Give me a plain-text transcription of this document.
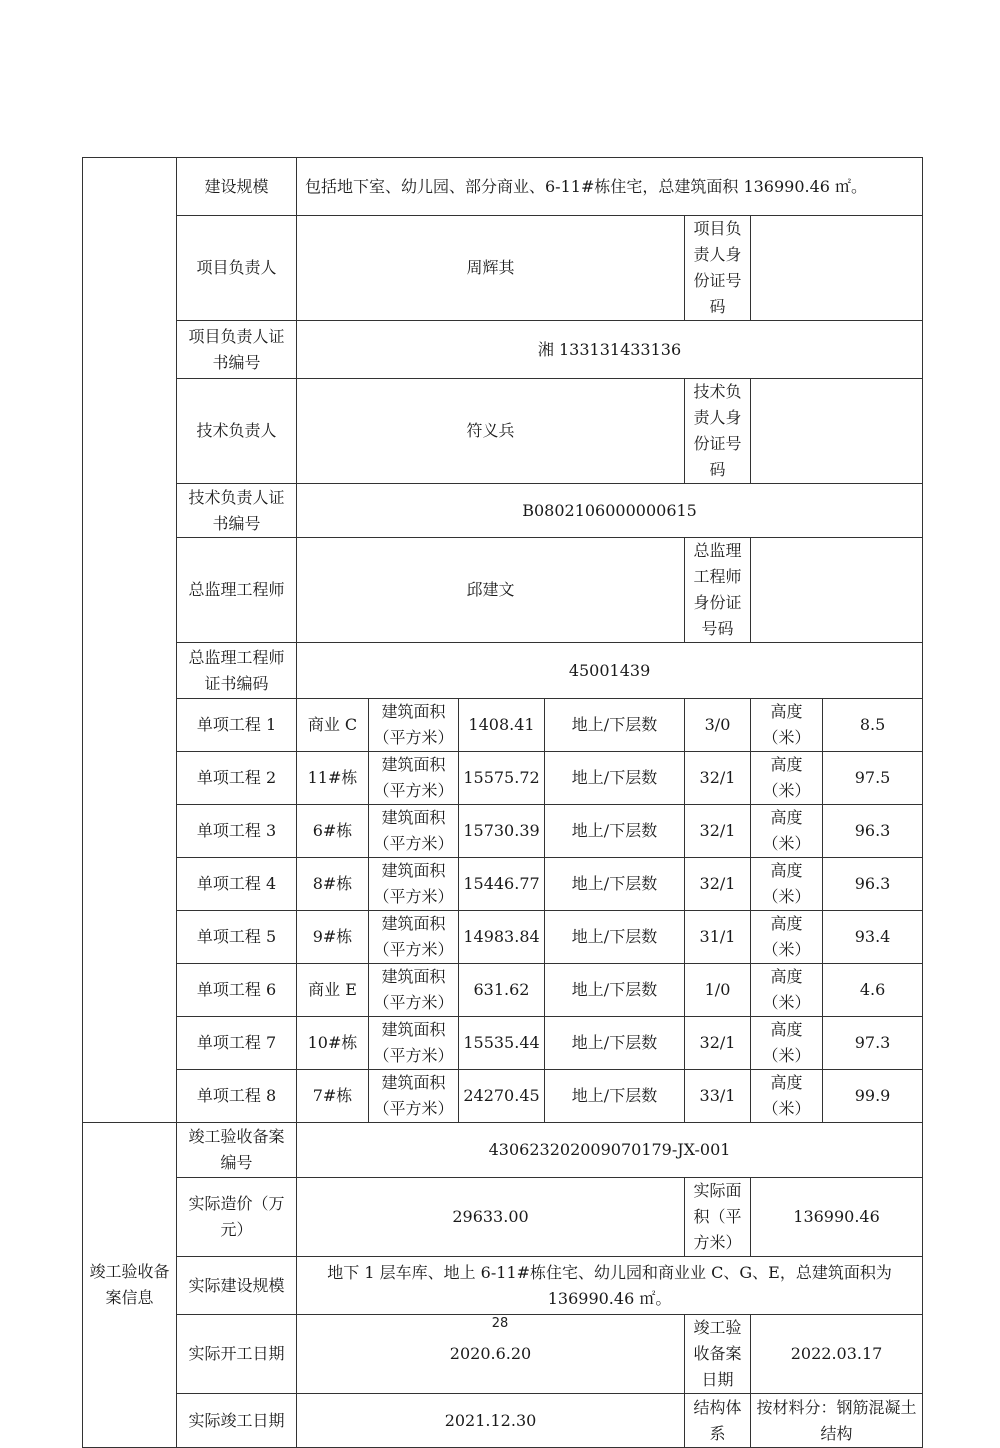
	建设规模	包括地下室、幼儿园、部分商业、6-11#栋住宅，总建筑面积 136990.46 ㎡。						
	项目负责人	周辉其				项目负责人身份证号码		
	项目负责人证书编号	湘 133131433136						
	技术负责人	符义兵				技术负责人身份证号码		
	技术负责人证书编号	B0802106000000615						
	总监理工程师	邱建文				总监理工程师身份证号码		
	总监理工程师证书编码	45001439						
	单项工程 1	商业 C	建筑面积（平方米）	1408.41	地上/下层数	3/0	高度（米）	8.5
	单项工程 2	11#栋	建筑面积（平方米）	15575.72	地上/下层数	32/1	高度（米）	97.5
	单项工程 3	6#栋	建筑面积（平方米）	15730.39	地上/下层数	32/1	高度（米）	96.3
	单项工程 4	8#栋	建筑面积（平方米）	15446.77	地上/下层数	32/1	高度（米）	96.3
	单项工程 5	9#栋	建筑面积（平方米）	14983.84	地上/下层数	31/1	高度（米）	93.4
	单项工程 6	商业 E	建筑面积（平方米）	631.62	地上/下层数	1/0	高度（米）	4.6
	单项工程 7	10#栋	建筑面积（平方米）	15535.44	地上/下层数	32/1	高度（米）	97.3
	单项工程 8	7#栋	建筑面积（平方米）	24270.45	地上/下层数	33/1	高度（米）	99.9
竣工验收备案信息	竣工验收备案编号	430623202009070179-JX-001						
	实际造价（万元）	29633.00				实际面积（平方米）	136990.46	
	实际建设规模	地下 1 层车库、地上 6-11#栋住宅、幼儿园和商业业 C、G、E，总建筑面积为 136990.46 ㎡。						
	实际开工日期	2020.6.20				竣工验收备案日期	2022.03.17	
	实际竣工日期	2021.12.30				结构体系	按材料分：钢筋混凝土结构	
28
